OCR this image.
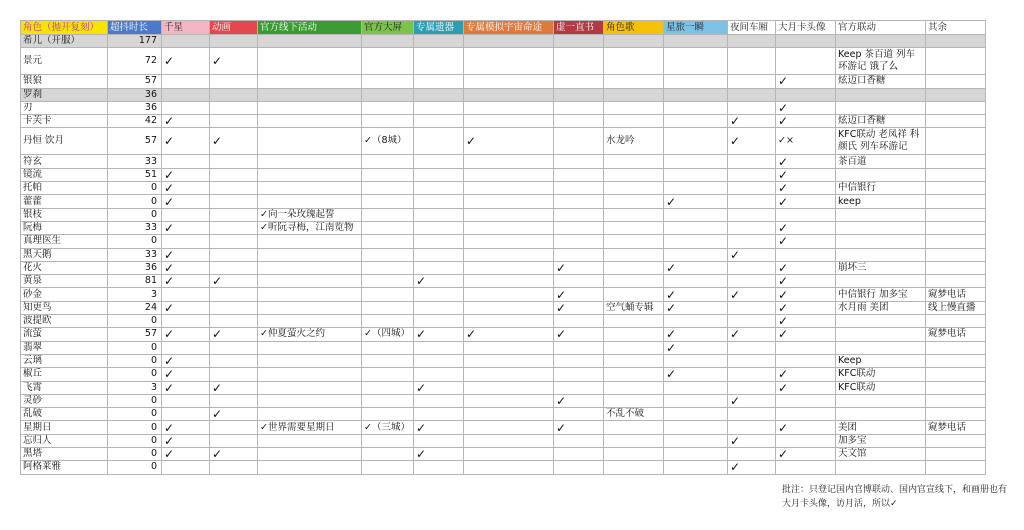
角色（抛开复刻）	超抖时长	千星	动画	官方线下活动	官方大屏	专属遗器	专属模拟宇宙命途	虚一直书	角色歌	星旅一瞬	夜间车厢	大月卡头像	官方联动	其余
希儿（开服）	177													
景元	72	✓	✓										Keep 茶百道 列车环游记 饿了么	
银狼	57											✓	炫迈口香糖	
罗刹	36													
刃	36											✓		
卡芙卡	42	✓									✓	✓	炫迈口香糖	
丹恒 饮月	57	✓	✓		✓（8城）		✓		水龙吟		✓	✓×	KFC联动 老凤祥 科颜氏 列车环游记	
符玄	33											✓	茶百道	
镜流	51	✓										✓		
托帕	0	✓										✓	中信银行	
藿藿	0	✓								✓		✓	keep	
银枝	0			✓向一朵玫瑰起誓										
阮梅	33	✓		✓听阮寻梅，江南览物								✓		
真理医生	0											✓		
黑天鹅	33	✓									✓			
花火	36	✓						✓		✓		✓	崩坏三	
黄泉	81	✓	✓			✓						✓		
砂金	3							✓		✓	✓	✓	中信银行 加多宝	窥梦电话
知更鸟	24	✓						✓	空气蛹专辑	✓		✓	水月雨 美团	线上慢直播
波提欧	0											✓		
流萤	57	✓	✓	✓仲夏萤火之约	✓（四城）	✓	✓	✓		✓	✓	✓		窥梦电话
翡翠	0									✓				
云璃	0	✓											Keep	
椒丘	0	✓								✓		✓	KFC联动	
飞霄	3	✓	✓			✓						✓	KFC联动	
灵砂	0							✓			✓			
乱破	0		✓						不乱不破					
星期日	0	✓		✓世界需要星期日	✓（三城）	✓		✓				✓	美团	窥梦电话
忘归人	0	✓									✓		加多宝	
黑塔	0	✓	✓			✓						✓	天文馆	
阿格莱雅	0										✓			
批注：只登记国内官博联动、国内官宣线下，和画册也有大月卡头像，访月活，所以✓
